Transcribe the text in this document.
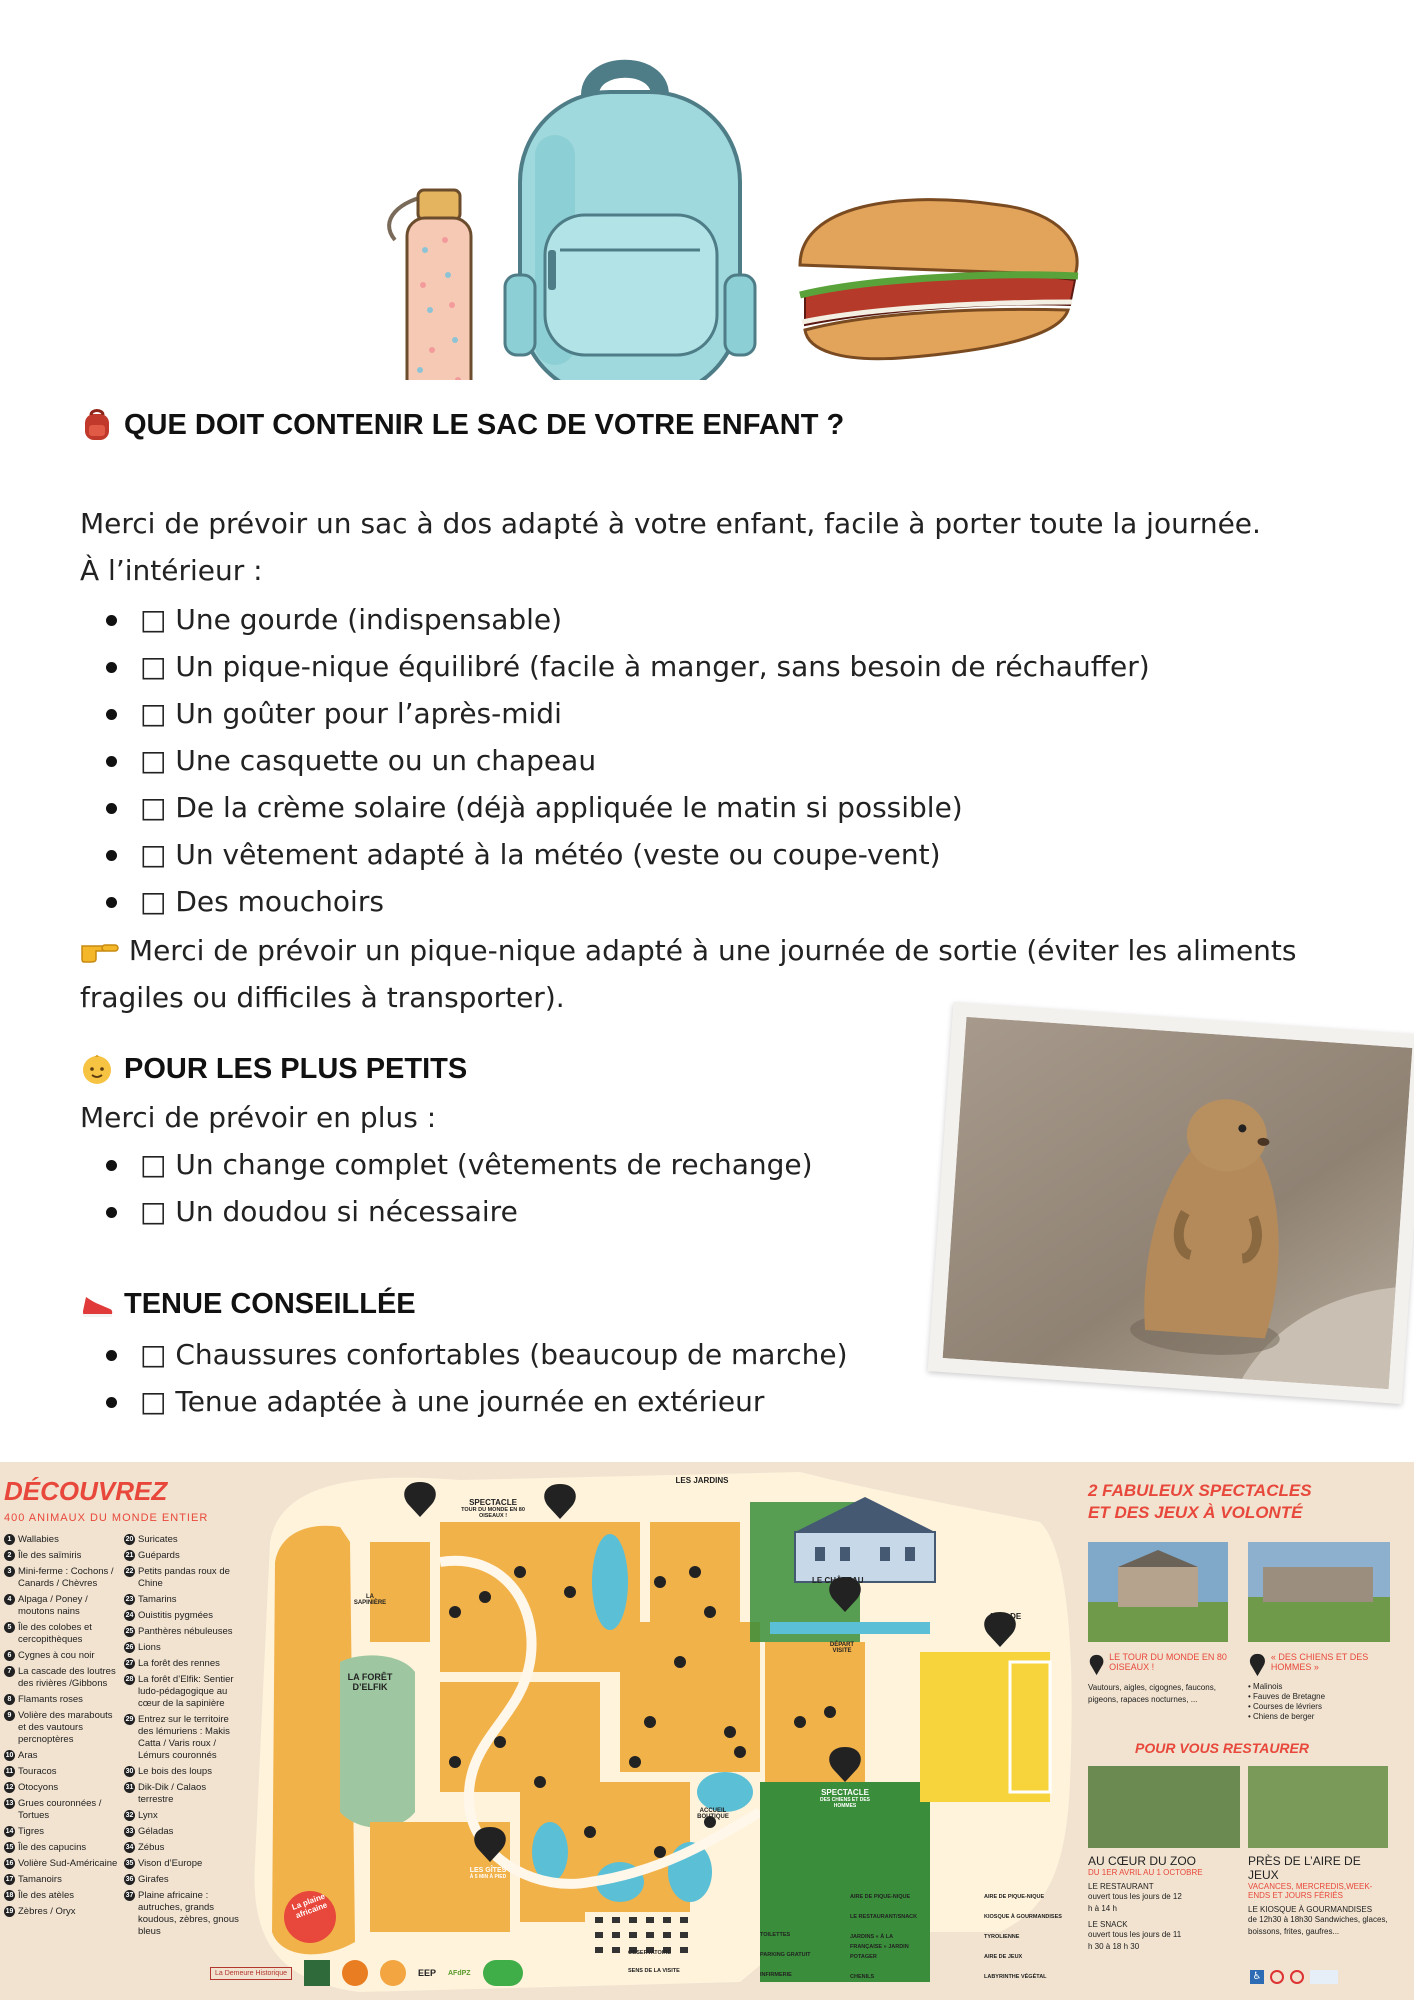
QUE DOIT CONTENIR LE SAC DE VOTRE ENFANT ?
Merci de prévoir un sac à dos adapté à votre enfant, facile à porter toute la journée.
À l’intérieur :
□ Une gourde (indispensable)
□ Un pique-nique équilibré (facile à manger, sans besoin de réchauffer)
□ Un goûter pour l’après-midi
□ Une casquette ou un chapeau
□ De la crème solaire (déjà appliquée le matin si possible)
□ Un vêtement adapté à la météo (veste ou coupe-vent)
□ Des mouchoirs
Merci de prévoir un pique-nique adapté à une journée de sortie (éviter les aliments
fragiles ou difficiles à transporter).
POUR LES PLUS PETITS
Merci de prévoir en plus :
□ Un change complet (vêtements de rechange)
□ Un doudou si nécessaire
TENUE CONSEILLÉE
□ Chaussures confortables (beaucoup de marche)
□ Tenue adaptée à une journée en extérieur
DÉCOUVREZ
400 ANIMAUX DU MONDE ENTIER
1 Wallabies
2 Île des saïmiris
3 Mini-ferme : Cochons / Canards / Chèvres
4 Alpaga / Poney / moutons nains
5 Île des colobes et cercopithèques
6 Cygnes à cou noir
7 La cascade des loutres des rivières /Gibbons
8 Flamants roses
9 Volière des marabouts et des vautours percnoptères
10 Aras
11 Touracos
12 Otocyons
13 Grues couronnées / Tortues
14 Tigres
15 Île des capucins
16 Volière Sud-Américaine
17 Tamanoirs
18 Île des atèles
19 Zèbres / Oryx
20 Suricates
21 Guépards
22 Petits pandas roux de Chine
23 Tamarins
24 Ouistitis pygmées
25 Panthères nébuleuses
26 Lions
27 La forêt des rennes
28 La forêt d’Elfik: Sentier ludo-pédagogique au cœur de la sapinière
29 Entrez sur le territoire des lémuriens : Makis Catta / Varis roux / Lémurs couronnés
30 Le bois des loups
31 Dik-Dik / Calaos terrestre
32 Lynx
33 Géladas
34 Zébus
35 Vison d’Europe
36 Girafes
37 Plaine africaine : autruches, grands koudous, zèbres, gnous bleus
SPECTACLE
TOUR DU MONDE EN 80 OISEAUX !
LES JARDINS
LE CHÂTEAU
DÉPART VISITE
AIRE DE JEUX
LA SAPINIÈRE
LA FORÊT D’ELFIK
La plaine africaine
LES GÎTES
À 5 MIN À PIED
ACCUEIL BOUTIQUE
SPECTACLE
DES CHIENS ET DES HOMMES
TOILETTES
PARKING GRATUIT
INFIRMERIE
AIRE DE PIQUE-NIQUE
LE RESTAURANT/SNACK
JARDINS « À LA FRANÇAISE » JARDIN POTAGER
CHENILS
AIRE DE PIQUE-NIQUE
KIOSQUE À GOURMANDISES
TYROLIENNE
AIRE DE JEUX
LABYRINTHE VÉGÉTAL
OBSERVATOIRE
SENS DE LA VISITE
La Demeure Historique	EEP AFdPZ
2 FABULEUX SPECTACLES
ET DES JEUX À VOLONTÉ
LE TOUR DU MONDE EN 80 OISEAUX !
Vautours, aigles, cigognes, faucons, pigeons, rapaces nocturnes, ...
« DES CHIENS ET DES HOMMES »
• Malinois
• Fauves de Bretagne
• Courses de lévriers
• Chiens de berger
POUR VOUS RESTAURER
AU CŒUR DU ZOO
DU 1ER AVRIL AU 1 OCTOBRE
LE RESTAURANT
ouvert tous les jours de 12 h à 14 h
LE SNACK
ouvert tous les jours de 11 h 30 à 18 h 30
PRÈS DE L’AIRE DE JEUX
VACANCES, MERCREDIS,WEEK-ENDS ET JOURS FÉRIÉS
LE KIOSQUE À GOURMANDISES
de 12h30 à 18h30 Sandwiches, glaces, boissons, frites, gaufres...
♿
